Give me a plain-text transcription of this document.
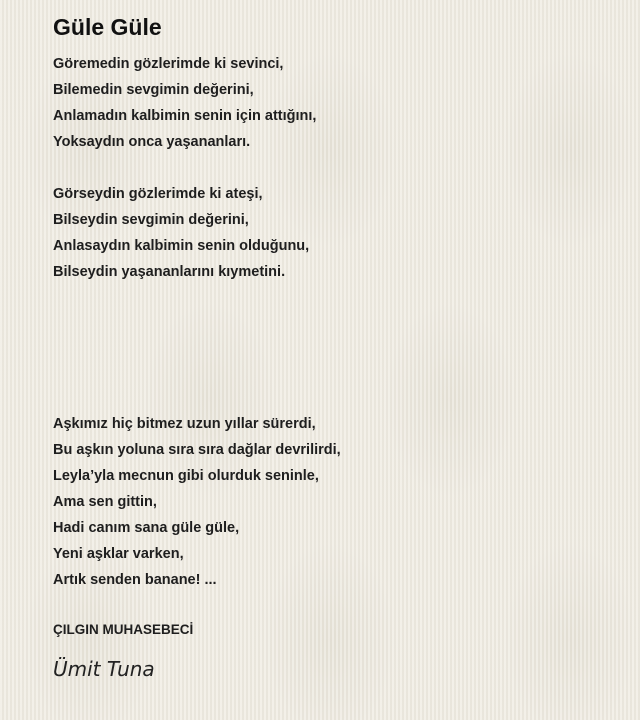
Güle Güle
Göremedin gözlerimde ki sevinci,
Bilemedin sevgimin değerini,
Anlamadın kalbimin senin için attığını,
Yoksaydın onca yaşananları.
Görseydin gözlerimde ki ateşi,
Bilseydin sevgimin değerini,
Anlasaydın kalbimin senin olduğunu,
Bilseydin yaşananlarını kıymetini.
Aşkımız hiç bitmez uzun yıllar sürerdi,
Bu aşkın yoluna sıra sıra dağlar devrilirdi,
Leyla’yla mecnun gibi olurduk seninle,
Ama sen gittin,
Hadi canım sana güle güle,
Yeni aşklar varken,
Artık senden banane! ...
ÇILGIN MUHASEBECİ
Ümit Tuna
